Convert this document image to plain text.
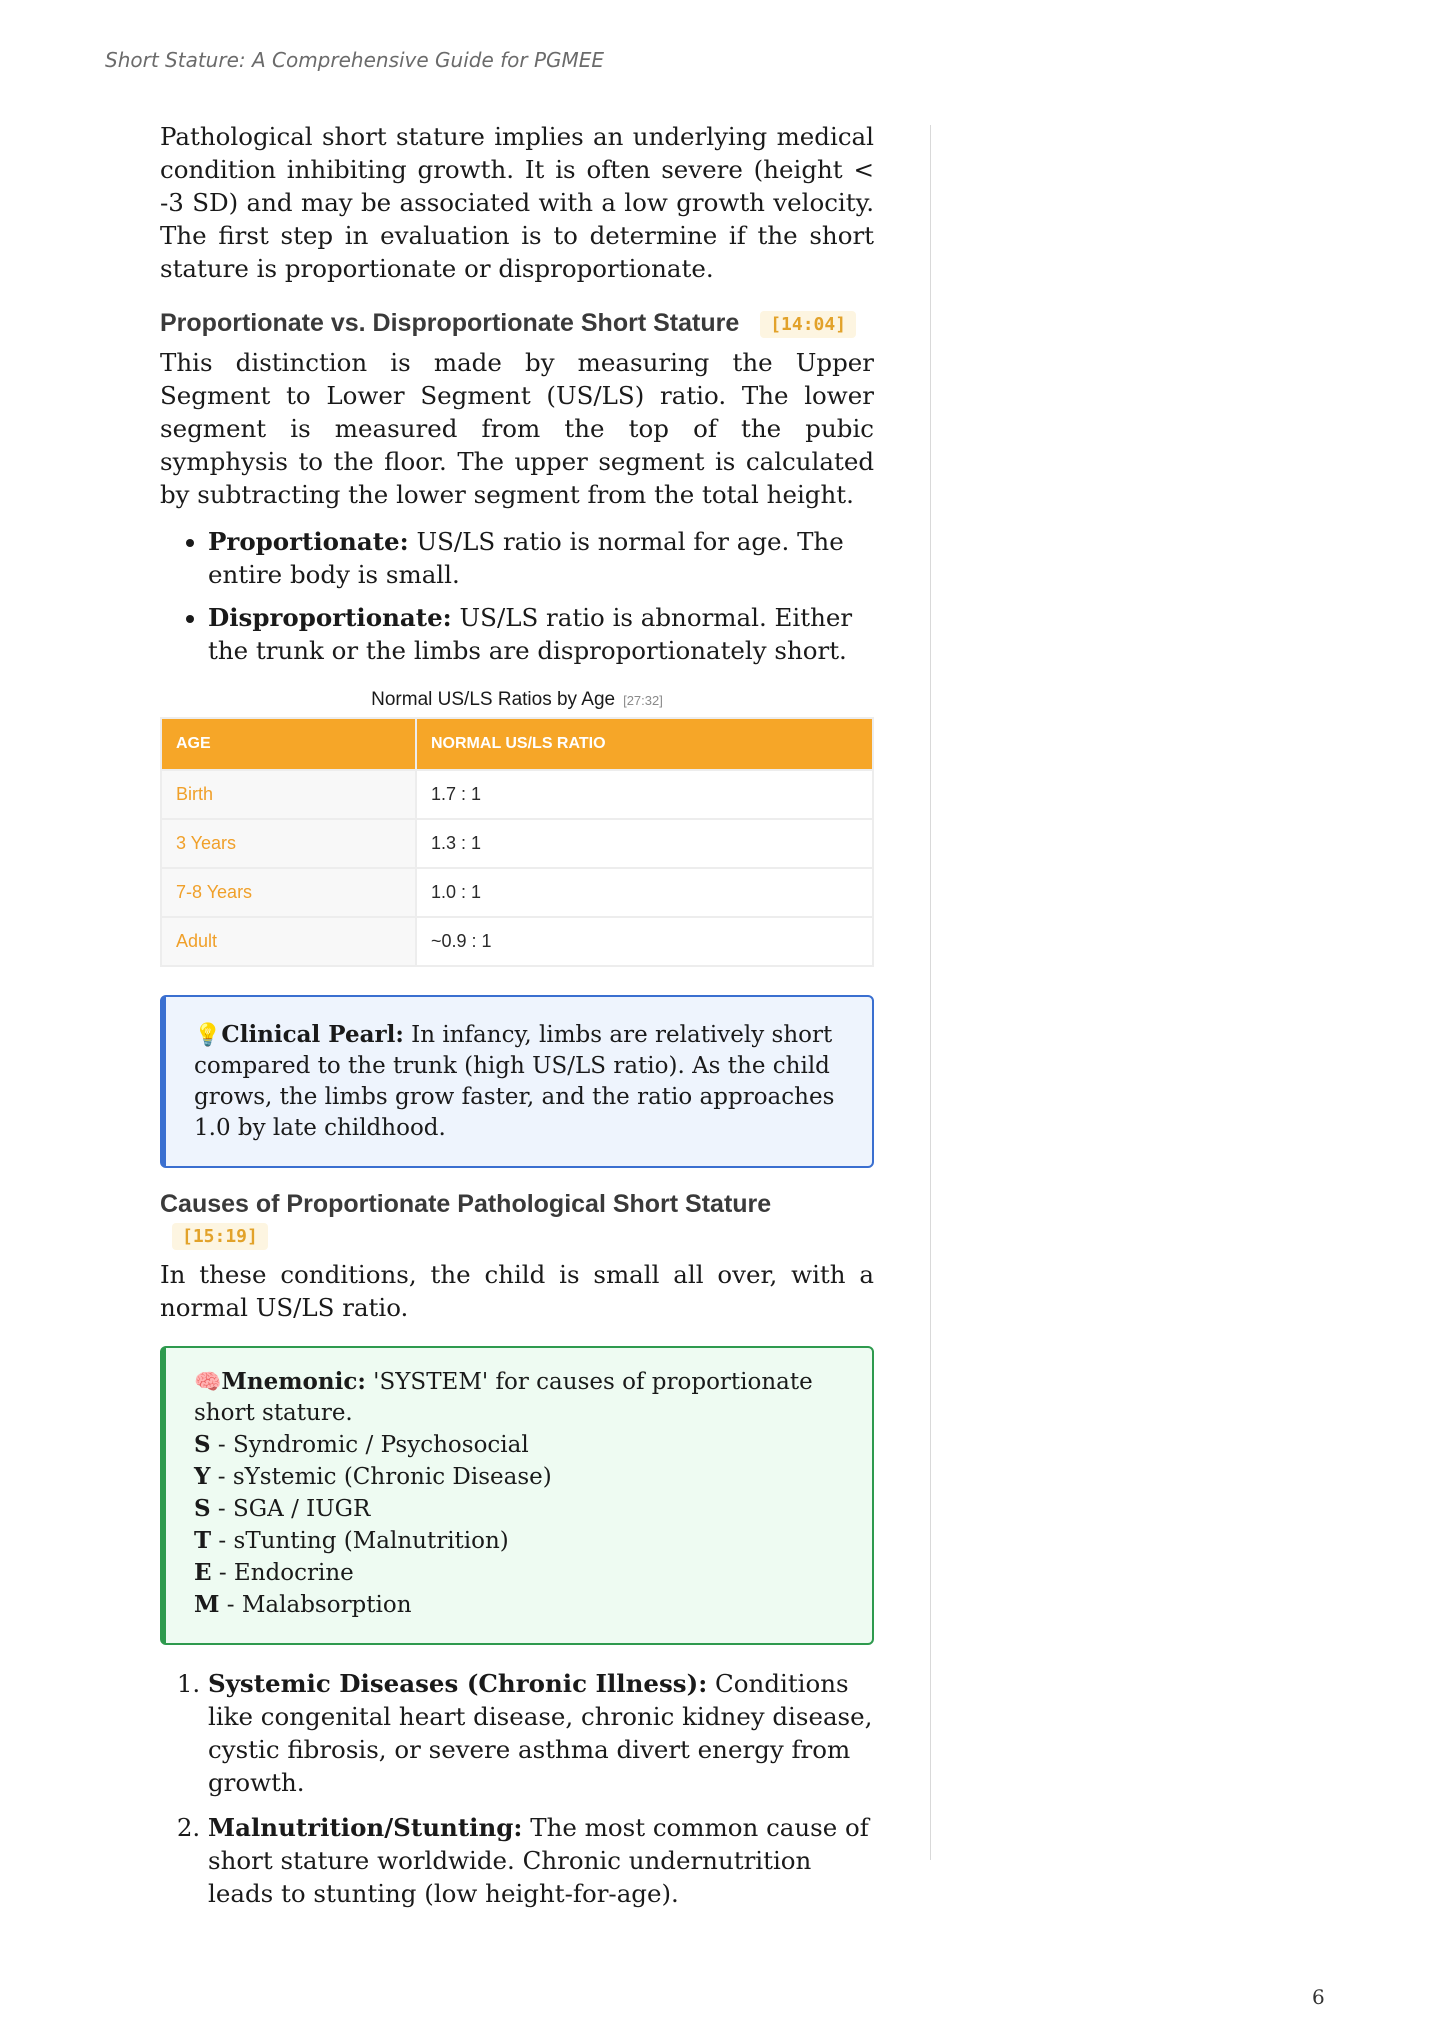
Short Stature: A Comprehensive Guide for PGMEE

Pathological short stature implies an underlying medical condition inhibiting growth. It is often severe (height < -3 SD) and may be associated with a low growth velocity. The first step in evaluation is to determine if the short stature is proportionate or disproportionate.

Proportionate vs. Disproportionate Short Stature [14:04]

This distinction is made by measuring the Upper Segment to Lower Segment (US/LS) ratio. The lower segment is measured from the top of the pubic symphysis to the floor. The upper segment is calculated by subtracting the lower segment from the total height.

• Proportionate: US/LS ratio is normal for age. The entire body is small.
• Disproportionate: US/LS ratio is abnormal. Either the trunk or the limbs are disproportionately short.
Normal US/LS Ratios by Age [27:32]
AGE	NORMAL US/LS RATIO
Birth	1.7 : 1
3 Years	1.3 : 1
7-8 Years	1.0 : 1
Adult	~0.9 : 1
💡Clinical Pearl: In infancy, limbs are relatively short compared to the trunk (high US/LS ratio). As the child grows, the limbs grow faster, and the ratio approaches 1.0 by late childhood.
Causes of Proportionate Pathological Short Stature
[15:19]

In these conditions, the child is small all over, with a normal US/LS ratio.

🧠Mnemonic: 'SYSTEM' for causes of proportionate short stature.
S - Syndromic / Psychosocial
Y - sYstemic (Chronic Disease)
S - SGA / IUGR
T - sTunting (Malnutrition)
E - Endocrine
M - Malabsorption
1. Systemic Diseases (Chronic Illness): Conditions like congenital heart disease, chronic kidney disease, cystic fibrosis, or severe asthma divert energy from growth.
2. Malnutrition/Stunting: The most common cause of short stature worldwide. Chronic undernutrition leads to stunting (low height-for-age).
6
